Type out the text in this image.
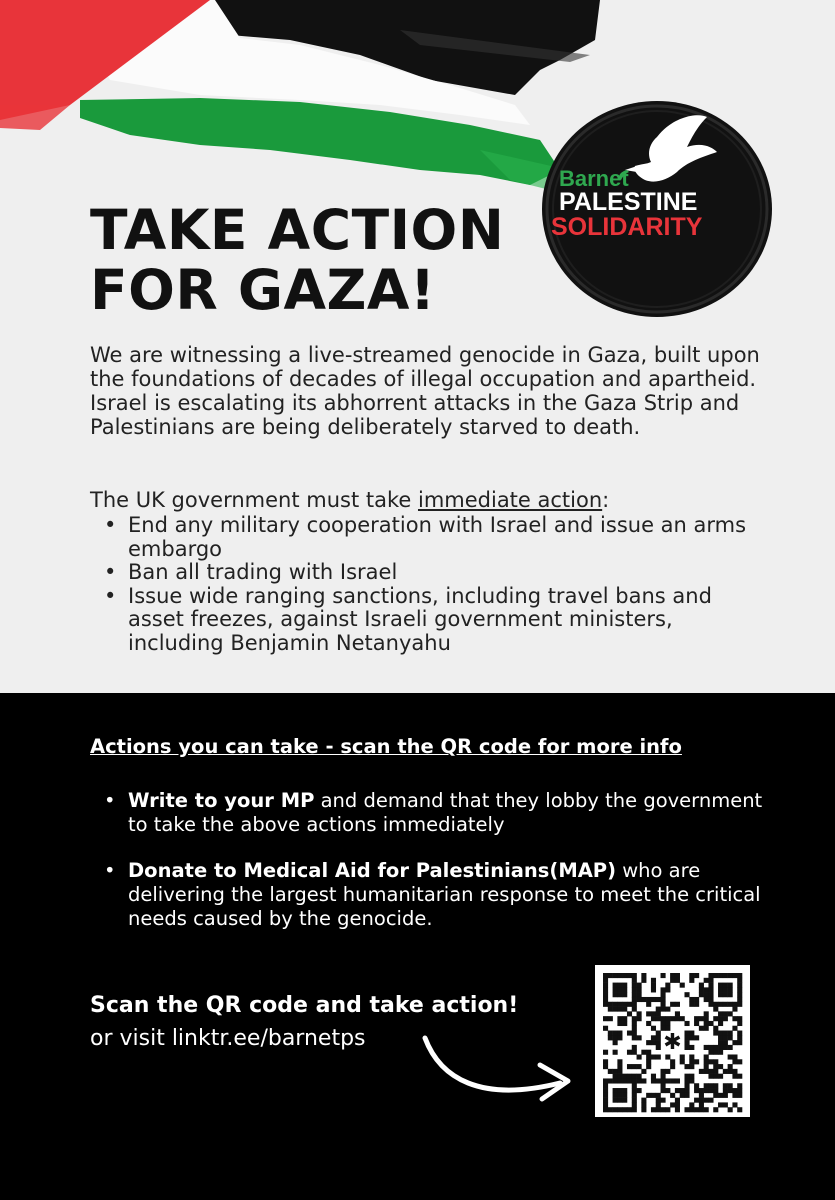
Barnet
PALESTINE
SOLIDARITY
TAKE ACTION
FOR GAZA!

We are witnessing a live-streamed genocide in Gaza, built upon the foundations of decades of illegal occupation and apartheid. Israel is escalating its abhorrent attacks in the Gaza Strip and Palestinians are being deliberately starved to death.

The UK government must take immediate action:

• End any military cooperation with Israel and issue an arms embargo
• Ban all trading with Israel
• Issue wide ranging sanctions, including travel bans and asset freezes, against Israeli government ministers, including Benjamin Netanyahu
Actions you can take - scan the QR code for more info
• Write to your MP and demand that they lobby the government to take the above actions immediately
• Donate to Medical Aid for Palestinians(MAP) who are delivering the largest humanitarian response to meet the critical needs caused by the genocide.
Scan the QR code and take action!
or visit linktr.ee/barnetps	✱
